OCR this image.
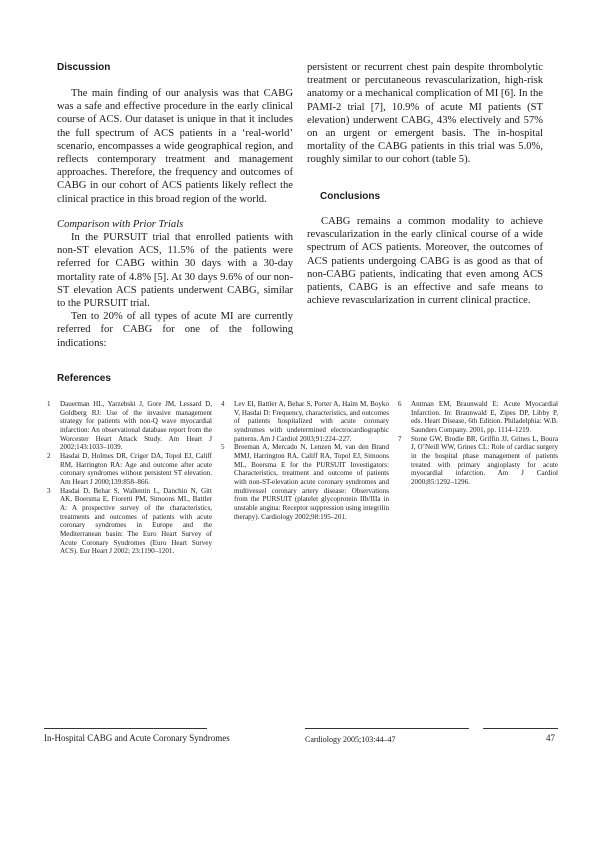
Discussion

The main finding of our analysis was that CABG was a safe and effective procedure in the early clinical course of ACS. Our dataset is unique in that it includes the full spectrum of ACS patients in a ‘real-world’ scenario, encompasses a wide geographical region, and reflects contemporary treatment and management approaches. Therefore, the frequency and outcomes of CABG in our cohort of ACS patients likely reflect the clinical practice in this broad region of the world.

Comparison with Prior Trials

In the PURSUIT trial that enrolled patients with non-ST elevation ACS, 11.5% of the patients were referred for CABG within 30 days with a 30-day mortality rate of 4.8% [5]. At 30 days 9.6% of our non-ST elevation ACS patients underwent CABG, similar to the PURSUIT trial.

Ten to 20% of all types of acute MI are currently referred for CABG for one of the following indications:

persistent or recurrent chest pain despite thrombolytic treatment or percutaneous revascularization, high-risk anatomy or a mechanical complication of MI [6]. In the PAMI-2 trial [7], 10.9% of acute MI patients (ST elevation) underwent CABG, 43% electively and 57% on an urgent or emergent basis. The in-hospital mortality of the CABG patients in this trial was 5.0%, roughly similar to our cohort (table 5).

Conclusions

CABG remains a common modality to achieve revascularization in the early clinical course of a wide spectrum of ACS patients. Moreover, the outcomes of ACS patients undergoing CABG is as good as that of non-CABG patients, indicating that even among ACS patients, CABG is an effective and safe means to achieve revascularization in current clinical practice.

References
1	Dauerman HL, Yarzebski J, Gore JM, Lessard D, Goldberg RJ: Use of the invasive management strategy for patients with non-Q wave myocardial infarction: An observational database report from the Worcester Heart Attack Study. Am Heart J 2002;143:1033–1039.
2	Hasdai D, Holmes DR, Criger DA, Topol EJ, Califf RM, Harrington RA: Age and outcome after acute coronary syndromes without persistent ST elevation. Am Heart J 2000;139:858–866.
3	Hasdai D, Behar S, Wallentin L, Danchin N, Gitt AK, Boersma E, Fioretti PM, Simoons ML, Battler A: A prospective survey of the characteristics, treatments and outcomes of patients with acute coronary syndromes in Europe and the Mediterranean basin: The Euro Heart Survey of Acute Coronary Syndromes (Euro Heart Survey ACS). Eur Heart J 2002; 23:1190–1201.
4	Lev EI, Battler A, Behar S, Porter A, Haim M, Boyko V, Hasdai D: Frequency, characteristics, and outcomes of patients hospitalized with acute coronary syndromes with undetermined electrocardiographic patterns. Am J Cardiol 2003;91:224–227.
5	Breeman A, Mercado N, Lenzen M, van den Brand MMJ, Harrington RA, Califf RA, Topol EJ, Simoons ML, Boersma E for the PURSUIT Investigators: Characteristics, treatment and outcome of patients with non-ST-elevation acute coronary syndromes and multivessel coronary artery disease: Observations from the PURSUIT (platelet glycoprotein IIb/IIIa in unstable angina: Receptor suppression using integrilin therapy). Cardiology 2002;98:195–201.
6	Antman EM, Braunwald E: Acute Myocardial Infarction. In: Braunwald E, Zipes DP, Libby P, eds. Heart Disease, 6th Edition. Philadelphia: W.B. Saunders Company. 2001, pp. 1114–1219.
7	Stone GW, Brodie BR, Griffin JJ, Grines L, Boura J, O’Neill WW, Grines CL: Role of cardiac surgery in the hospital phase management of patients treated with primary angioplasty for acute myocardial infarction. Am J Cardiol 2000;85:1292–1296.
In-Hospital CABG and Acute Coronary Syndromes	Cardiology 2005;103:44–47	47
